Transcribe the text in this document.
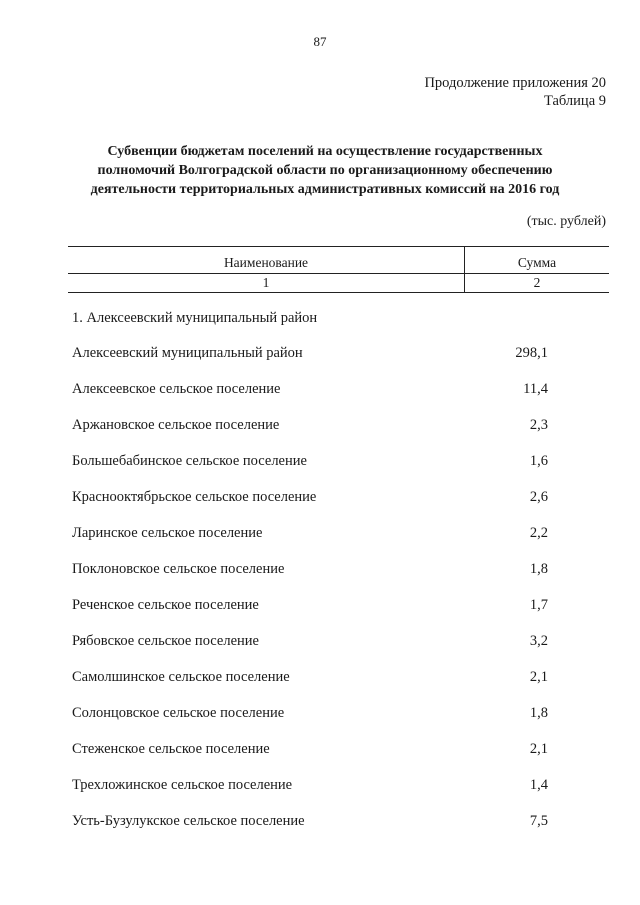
87
Продолжение приложения 20
Таблица 9
Субвенции бюджетам поселений на осуществление государственных
полномочий Волгоградской области по организационному обеспечению
деятельности территориальных административных комиссий на 2016 год
(тыс. рублей)
Наименование	Сумма
1	2
1. Алексеевский муниципальный район
Алексеевский муниципальный район	298,1
Алексеевское сельское поселение	11,4
Аржановское сельское поселение	2,3
Большебабинское сельское поселение	1,6
Краснооктябрьское сельское поселение	2,6
Ларинское сельское поселение	2,2
Поклоновское сельское поселение	1,8
Реченское сельское поселение	1,7
Рябовское сельское поселение	3,2
Самолшинское сельское поселение	2,1
Солонцовское сельское поселение	1,8
Стеженское сельское поселение	2,1
Трехложинское сельское поселение	1,4
Усть-Бузулукское сельское поселение	7,5
